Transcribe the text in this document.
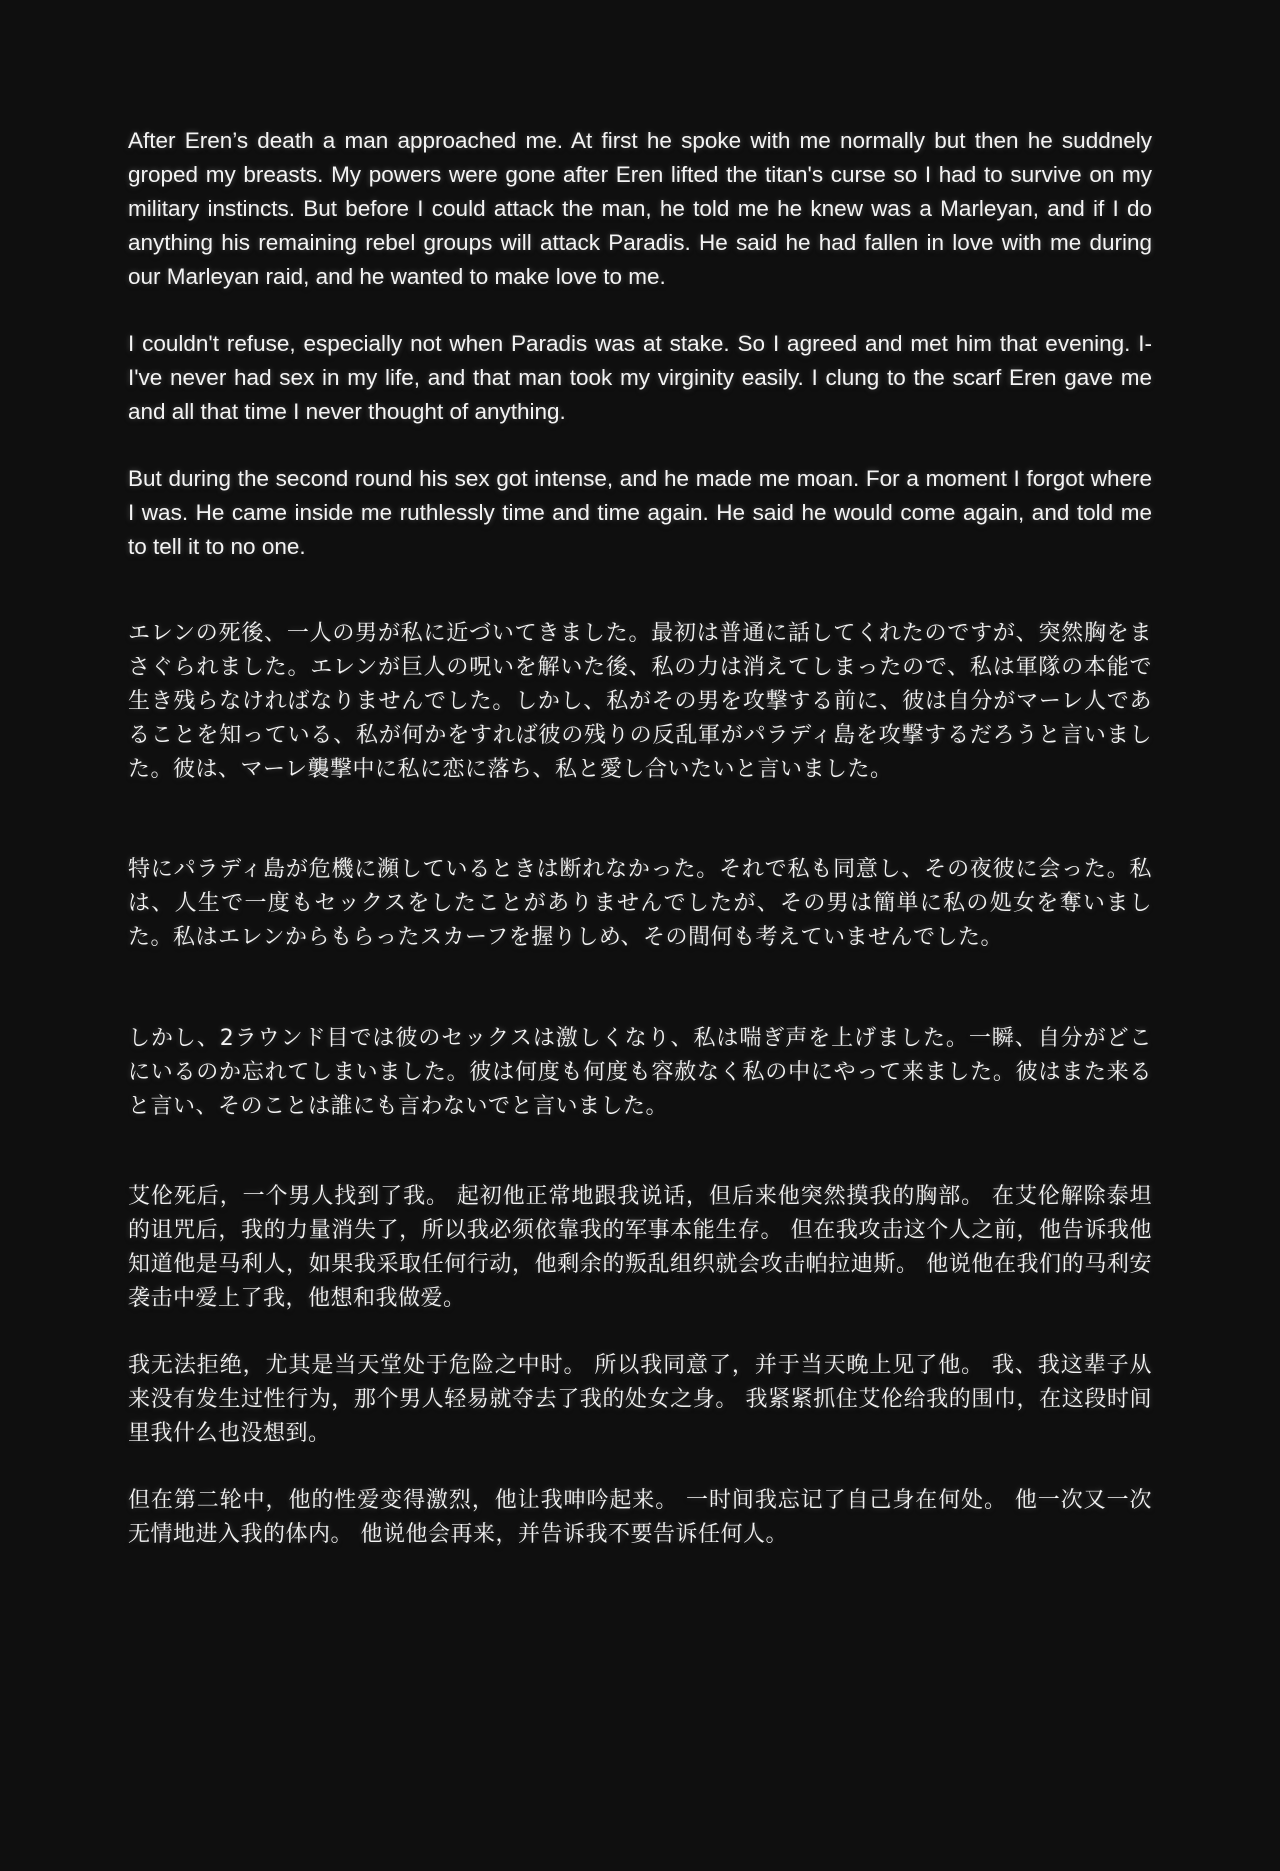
After Eren’s death a man approached me. At first he spoke with me normally but then he suddnely groped my breasts. My powers were gone after Eren lifted the titan's curse so I had to survive on my military instincts. But before I could attack the man, he told me he knew was a Marleyan, and if I do anything his remaining rebel groups will attack Paradis. He said he had fallen in love with me during our Marleyan raid, and he wanted to make love to me.

I couldn't refuse, especially not when Paradis was at stake. So I agreed and met him that evening. I-I've never had sex in my life, and that man took my virginity easily. I clung to the scarf Eren gave me and all that time I never thought of anything.

But during the second round his sex got intense, and he made me moan. For a moment I forgot where I was. He came inside me ruthlessly time and time again. He said he would come again, and told me to tell it to no one.

エレンの死後、一人の男が私に近づいてきました。最初は普通に話してくれたのですが、突然胸をまさぐられました。エレンが巨人の呪いを解いた後、私の力は消えてしまったので、私は軍隊の本能で生き残らなければなりませんでした。しかし、私がその男を攻撃する前に、彼は自分がマーレ人であることを知っている、私が何かをすれば彼の残りの反乱軍がパラディ島を攻撃するだろうと言いました。彼は、マーレ襲撃中に私に恋に落ち、私と愛し合いたいと言いました。

特にパラディ島が危機に瀕しているときは断れなかった。それで私も同意し、その夜彼に会った。私は、人生で一度もセックスをしたことがありませんでしたが、その男は簡単に私の処女を奪いました。私はエレンからもらったスカーフを握りしめ、その間何も考えていませんでした。

しかし、2ラウンド目では彼のセックスは激しくなり、私は喘ぎ声を上げました。一瞬、自分がどこにいるのか忘れてしまいました。彼は何度も何度も容赦なく私の中にやって来ました。彼はまた来ると言い、そのことは誰にも言わないでと言いました。

艾伦死后，一个男人找到了我。 起初他正常地跟我说话，但后来他突然摸我的胸部。 在艾伦解除泰坦的诅咒后，我的力量消失了，所以我必须依靠我的军事本能生存。 但在我攻击这个人之前，他告诉我他知道他是马利人，如果我采取任何行动，他剩余的叛乱组织就会攻击帕拉迪斯。 他说他在我们的马利安袭击中爱上了我，他想和我做爱。

我无法拒绝，尤其是当天堂处于危险之中时。 所以我同意了，并于当天晚上见了他。 我、我这辈子从来没有发生过性行为，那个男人轻易就夺去了我的处女之身。 我紧紧抓住艾伦给我的围巾，在这段时间里我什么也没想到。

但在第二轮中，他的性爱变得激烈，他让我呻吟起来。 一时间我忘记了自己身在何处。 他一次又一次无情地进入我的体内。 他说他会再来，并告诉我不要告诉任何人。
